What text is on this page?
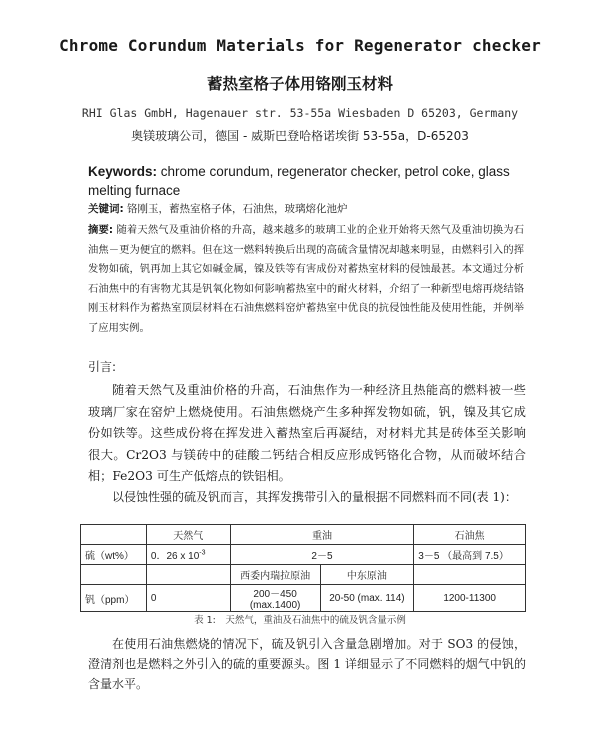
Chrome Corundum Materials for Regenerator checker
蓄热室格子体用铬刚玉材料
RHI Glas GmbH, Hagenauer str. 53-55a Wiesbaden D 65203, Germany
奥镁玻璃公司，德国 - 威斯巴登哈格诺埃街 53-55a，D-65203
Keywords: chrome corundum, regenerator checker, petrol coke, glass melting furnace
关键词: 铬刚玉，蓄热室格子体，石油焦，玻璃熔化池炉
摘要: 随着天然气及重油价格的升高，越来越多的玻璃工业的企业开始将天然气及重油切换为石油焦－更为便宜的燃料。但在这一燃料转换后出现的高硫含量情况却越来明显，由燃料引入的挥发物如硫，钒再加上其它如碱金属，镍及铁等有害成份对蓄热室材料的侵蚀最甚。本文通过分析石油焦中的有害物尤其是钒氧化物如何影响蓄热室中的耐火材料，介绍了一种新型电熔再烧结铬刚玉材料作为蓄热室顶层材料在石油焦燃料窑炉蓄热室中优良的抗侵蚀性能及使用性能，并例举了应用实例。
引言:

随着天然气及重油价格的升高，石油焦作为一种经济且热能高的燃料被一些玻璃厂家在窑炉上燃烧使用。石油焦燃烧产生多种挥发物如硫，钒，镍及其它成份如铁等。这些成份将在挥发进入蓄热室后再凝结，对材料尤其是砖体至关影响很大。Cr2O3 与镁砖中的硅酸二钙结合相反应形成钙铬化合物，从而破坏结合相；Fe2O3 可生产低熔点的铁铝相。

以侵蚀性强的硫及钒而言，其挥发携带引入的量根据不同燃料而不同(表 1)：

	天然气	重油		石油焦
硫（wt%）	0．26 x $10^{-3}$	2－5		3－5 （最高到 7.5）
		西委内瑞拉原油	中东原油	
钒（ppm）	0	200－450　(max.1400)	20-50 (max. 114)	1200-11300
表 1:　天然气，重油及石油焦中的硫及钒含量示例

在使用石油焦燃烧的情况下，硫及钒引入含量急剧增加。对于 SO3 的侵蚀，澄清剂也是燃料之外引入的硫的重要源头。图 1 详细显示了不同燃料的烟气中钒的含量水平。
